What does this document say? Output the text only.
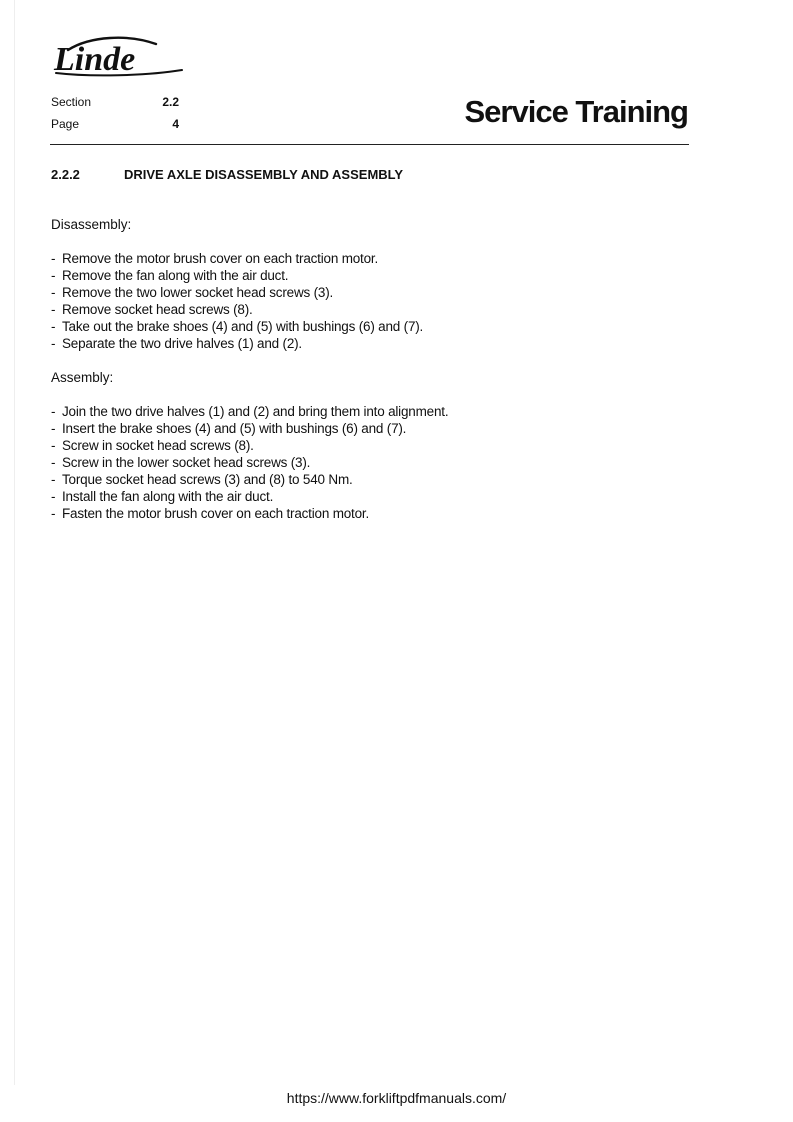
Linde
Section	2.2
Page	4	Service Training
2.2.2	DRIVE AXLE DISASSEMBLY AND ASSEMBLY
Disassembly:
- Remove the motor brush cover on each traction motor.
- Remove the fan along with the air duct.
- Remove the two lower socket head screws (3).
- Remove socket head screws (8).
- Take out the brake shoes (4) and (5) with bushings (6) and (7).
- Separate the two drive halves (1) and (2).
Assembly:
- Join the two drive halves (1) and (2) and bring them into alignment.
- Insert the brake shoes (4) and (5) with bushings (6) and (7).
- Screw in socket head screws (8).
- Screw in the lower socket head screws (3).
- Torque socket head screws (3) and (8) to 540 Nm.
- Install the fan along with the air duct.
- Fasten the motor brush cover on each traction motor.
https://www.forkliftpdfmanuals.com/
